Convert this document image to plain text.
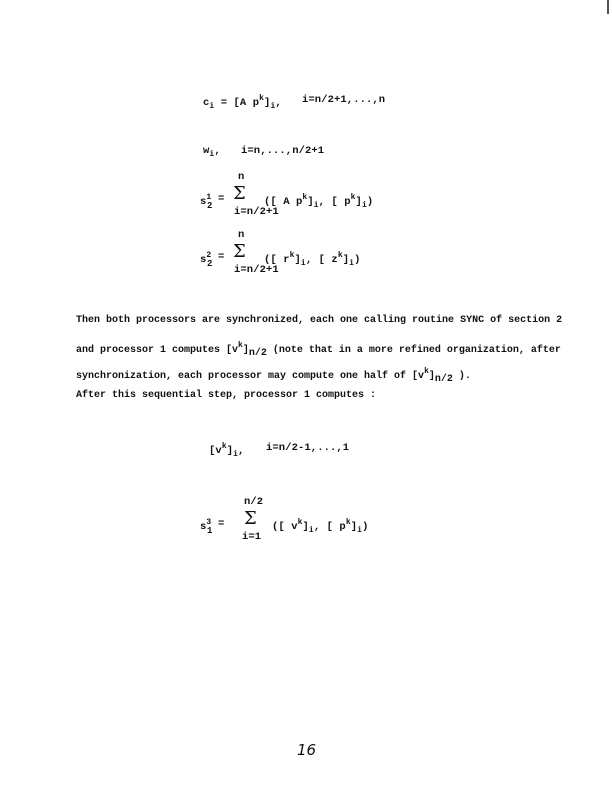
$c_i = [A$ $p^k]_i$, i=n/2+1,...,n
$w_i$, i=n,...,n/2+1
n
$s^1$
2
= Σ
i=n/2+1
([ A $p^k]_i$, [ $p^k]_i$)
n
$s^2$
2
= Σ
i=n/2+1
([ $r^k]_i$, [ $z^k]_i$)
Then both processors are synchronized, each one calling routine SYNC of section 2
and processor 1 computes $[v^k]n/2$ (note that in a more refined organization, after
synchronization, each processor may compute one half of $[v^k]n/2$ ).
After this sequential step, processor 1 computes :
$[v^k]_i$, i=n/2-1,...,1
n/2
$s^3$
1
= Σ
i=1
([ $v^k]_i$, [ $p^k]_i$)
16
